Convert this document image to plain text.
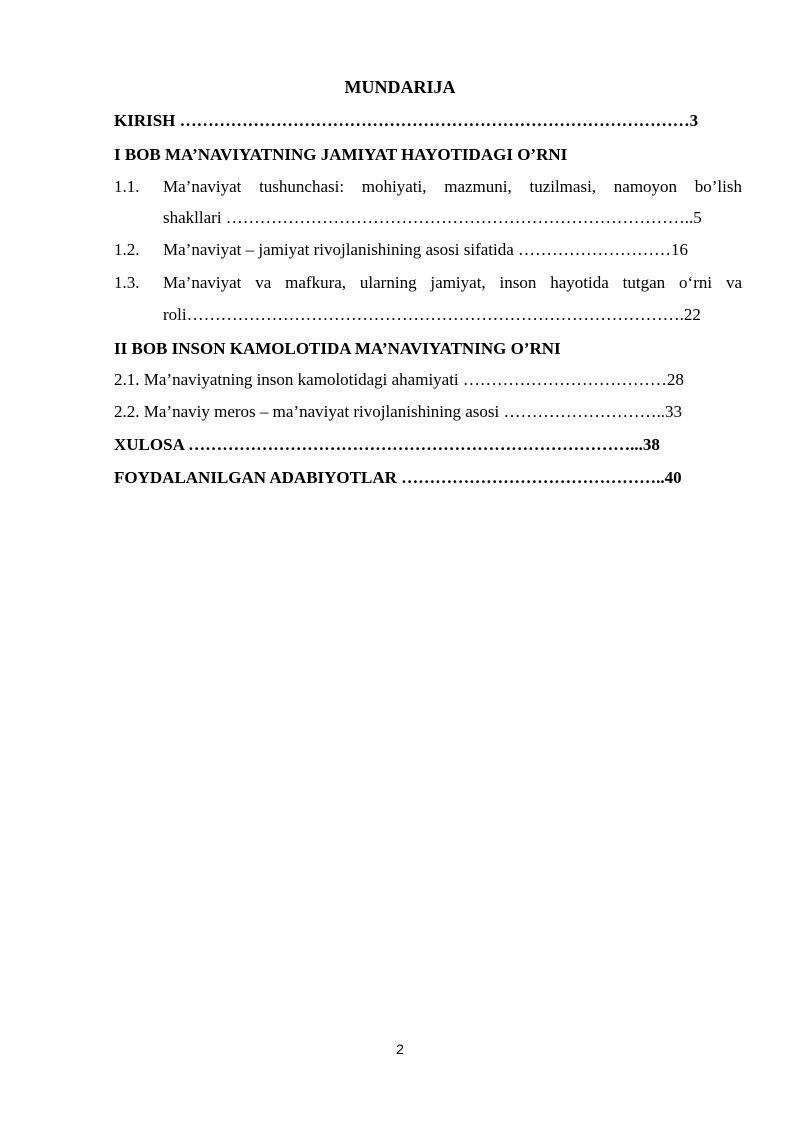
MUNDARIJA
KIRISH ………………………………………………………………………………3
I BOB MA’NAVIYATNING JAMIYAT HAYOTIDAGI O’RNI
1.1.	Ma’naviyat tushunchasi: mohiyati, mazmuni, tuzilmasi, namoyon bo’lish
shakllari ………………………………………………………………………..5
1.2.	Ma’naviyat – jamiyat rivojlanishining asosi sifatida ………………………16
1.3.	Ma’naviyat va mafkura, ularning jamiyat, inson hayotida tutgan o‘rni va
roli…………………………………………………………………………….22
II BOB INSON KAMOLOTIDA MA’NAVIYATNING O’RNI
2.1. Ma’naviyatning inson kamolotidagi ahamiyati ………………………………28
2.2. Ma’naviy meros – ma’naviyat rivojlanishining asosi ………………………..33
XULOSA ……………………………………………………………………...38
FOYDALANILGAN ADABIYOTLAR ………………………………………..40
2
